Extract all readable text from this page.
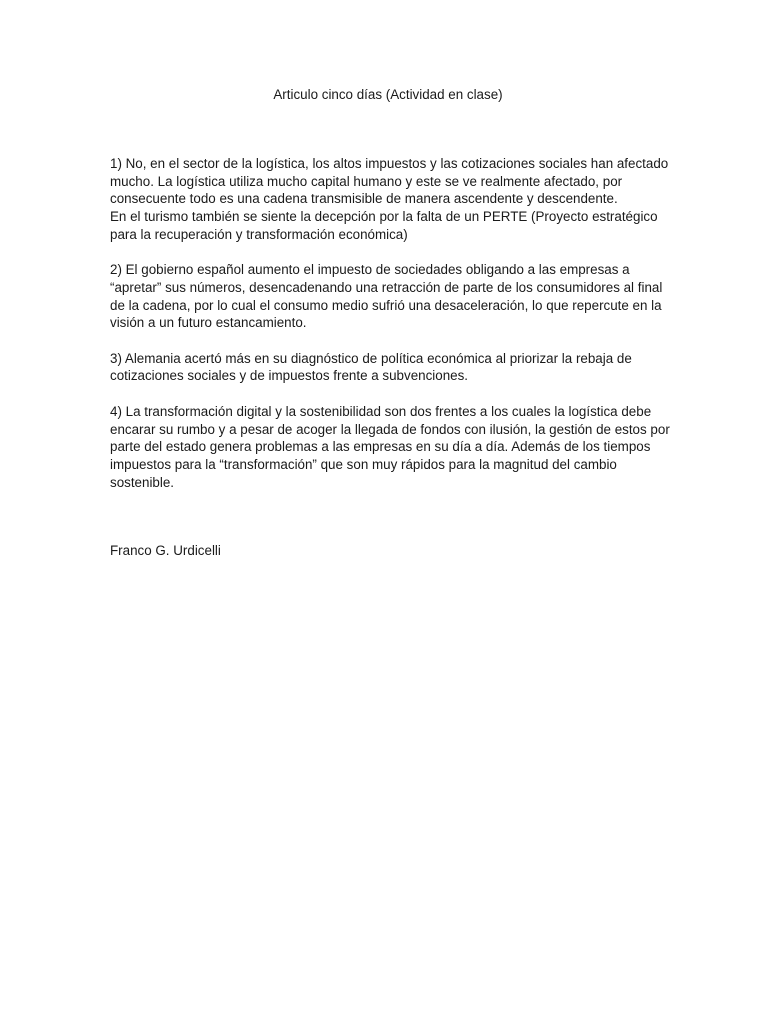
Articulo cinco días (Actividad en clase)

1) No, en el sector de la logística, los altos impuestos y las cotizaciones sociales han afectado
mucho. La logística utiliza mucho capital humano y este se ve realmente afectado, por
consecuente todo es una cadena transmisible de manera ascendente y descendente.
En el turismo también se siente la decepción por la falta de un PERTE (Proyecto estratégico
para la recuperación y transformación económica)

2) El gobierno español aumento el impuesto de sociedades obligando a las empresas a
“apretar” sus números, desencadenando una retracción de parte de los consumidores al final
de la cadena, por lo cual el consumo medio sufrió una desaceleración, lo que repercute en la
visión a un futuro estancamiento.

3) Alemania acertó más en su diagnóstico de política económica al priorizar la rebaja de
cotizaciones sociales y de impuestos frente a subvenciones.

4) La transformación digital y la sostenibilidad son dos frentes a los cuales la logística debe
encarar su rumbo y a pesar de acoger la llegada de fondos con ilusión, la gestión de estos por
parte del estado genera problemas a las empresas en su día a día. Además de los tiempos
impuestos para la “transformación” que son muy rápidos para la magnitud del cambio
sostenible.

Franco G. Urdicelli
